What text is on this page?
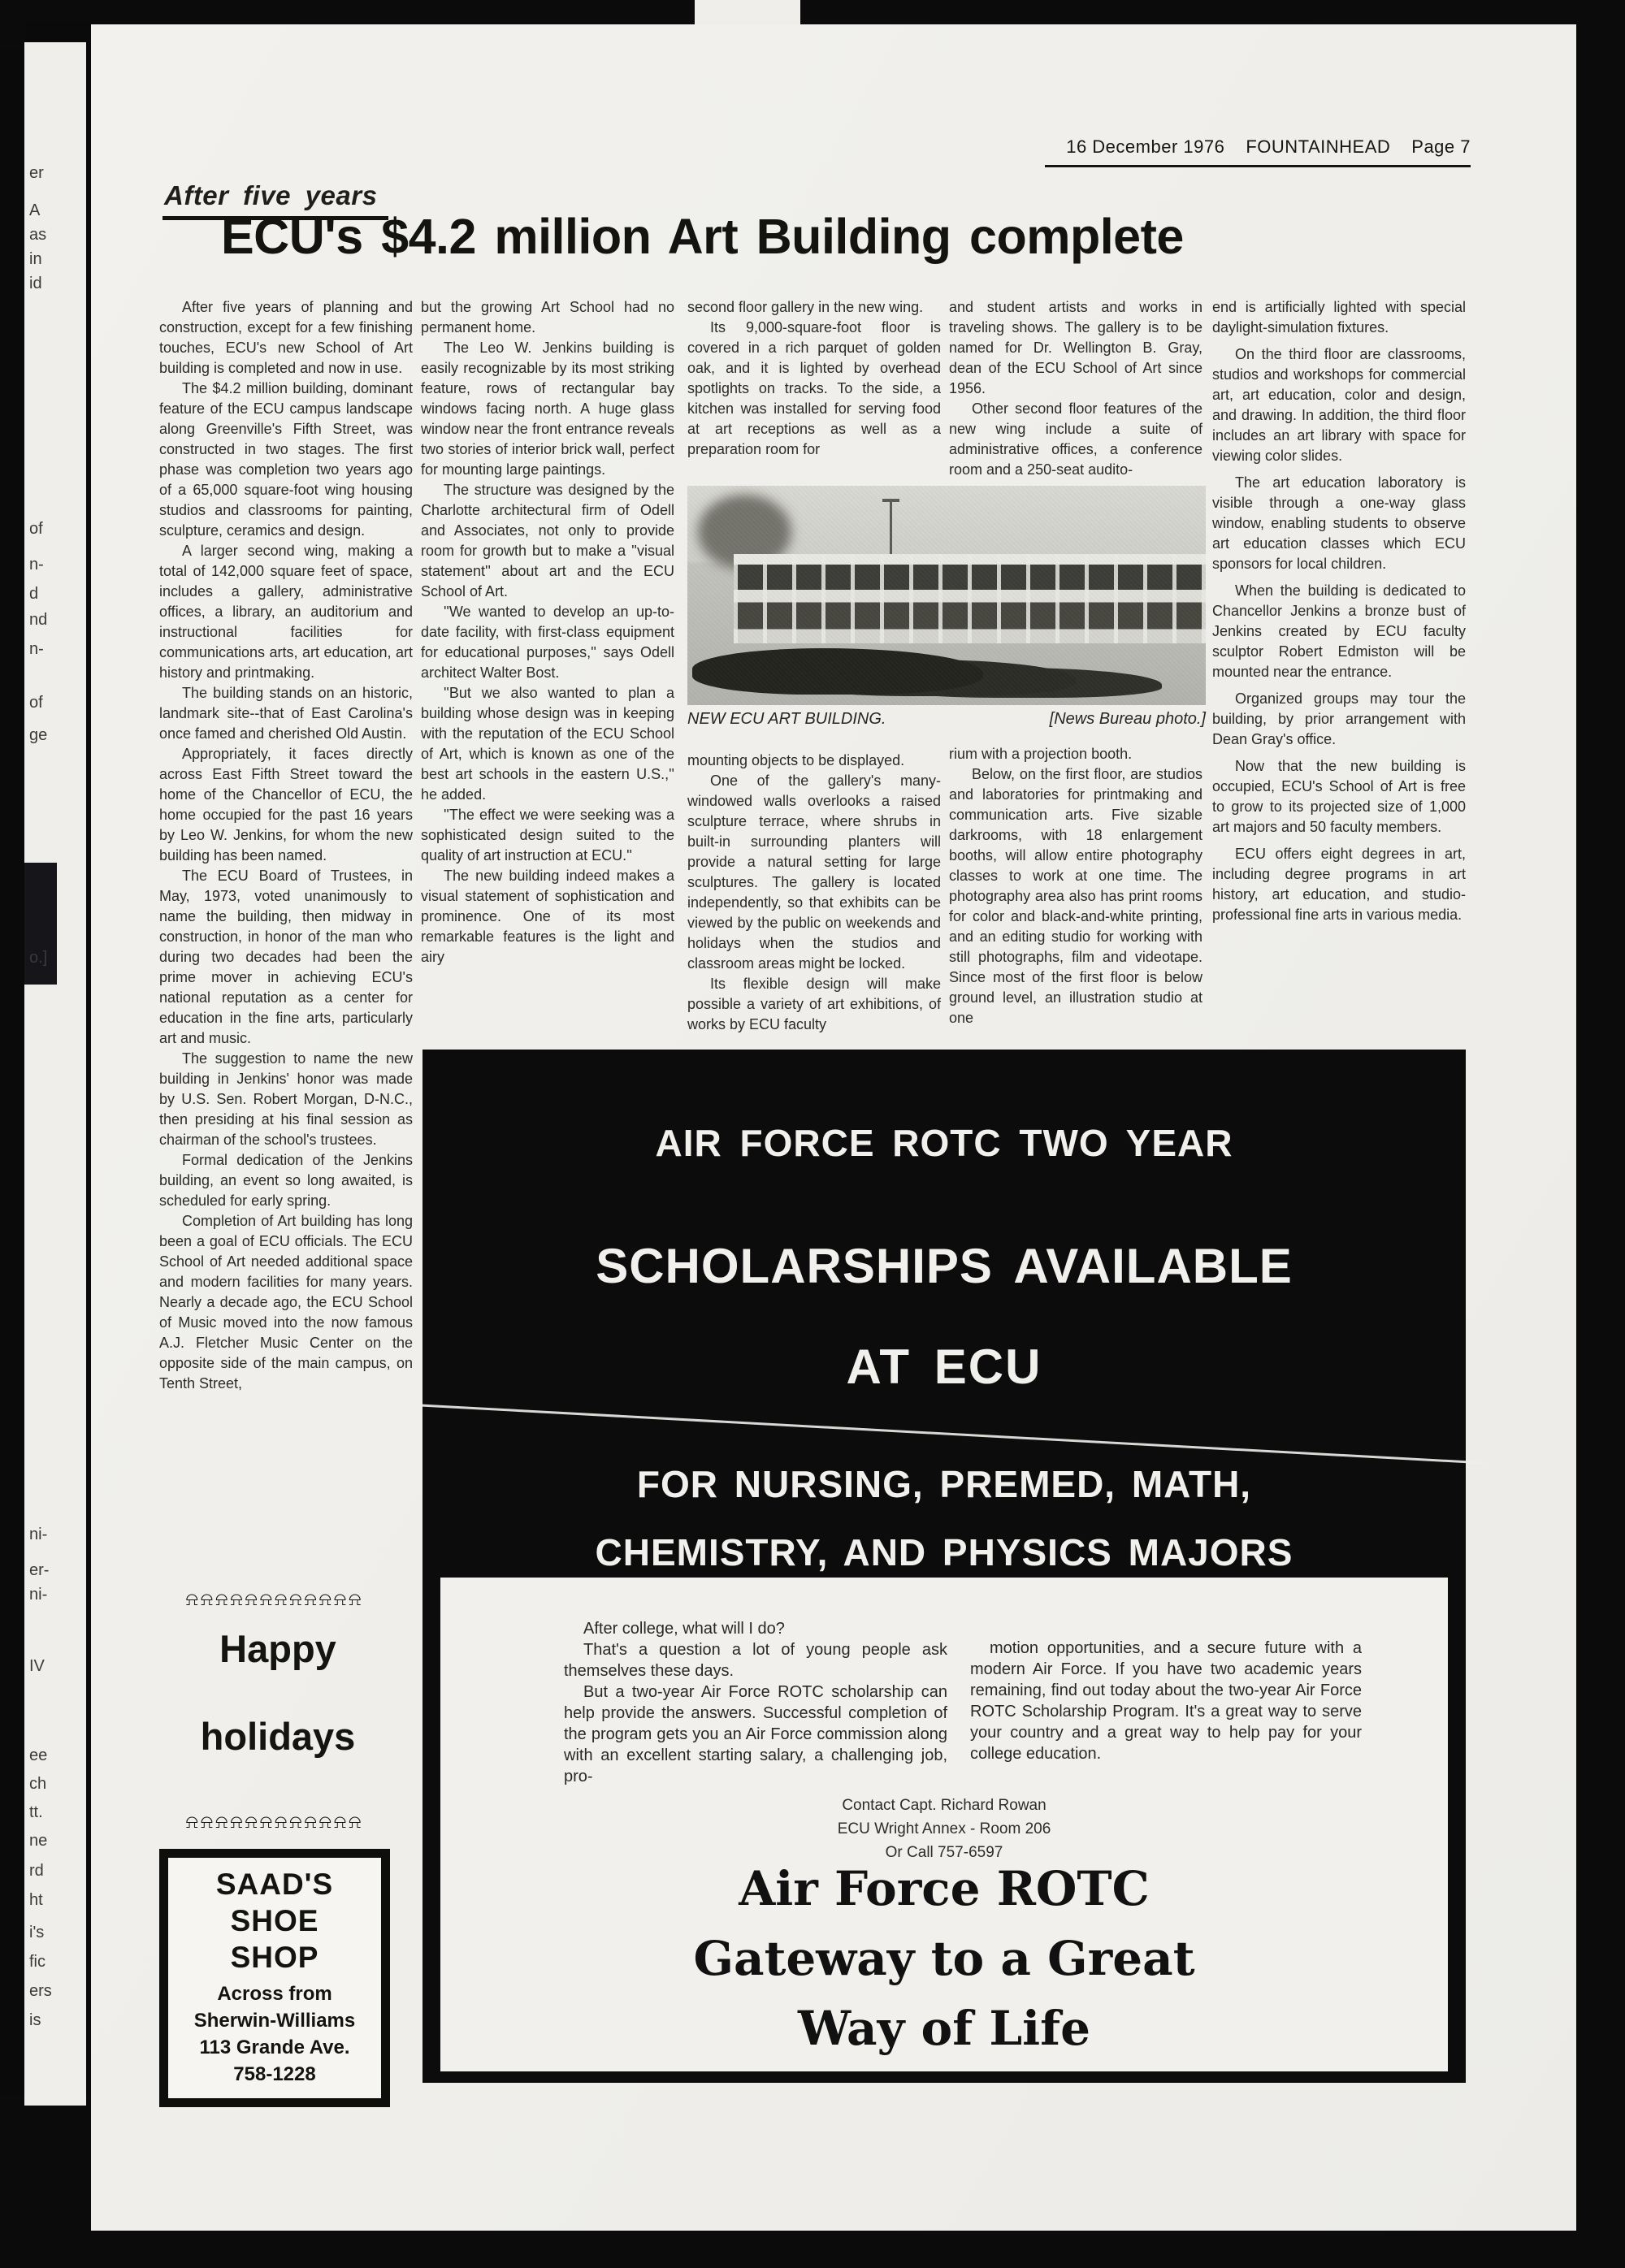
er
A
as
in
id
of
n-
d
nd
n-
of
ge
o.]
ni-
er-
ni-
IV
ee
ch
tt.
ne
rd
ht
i's
fic
ers
is
16 December 1976 FOUNTAINHEAD Page 7
After five years
ECU's $4.2 million Art Building complete

After five years of planning and construction, except for a few finishing touches, ECU's new School of Art building is completed and now in use.

The $4.2 million building, dominant feature of the ECU campus landscape along Greenville's Fifth Street, was constructed in two stages. The first phase was completion two years ago of a 65,000 square-foot wing housing studios and classrooms for painting, sculpture, ceramics and design.

A larger second wing, making a total of 142,000 square feet of space, includes a gallery, administrative offices, a library, an auditorium and instructional facilities for communications arts, art education, art history and printmaking.

The building stands on an historic, landmark site--that of East Carolina's once famed and cherished Old Austin.

Appropriately, it faces directly across East Fifth Street toward the home of the Chancellor of ECU, the home occupied for the past 16 years by Leo W. Jenkins, for whom the new building has been named.

The ECU Board of Trustees, in May, 1973, voted unanimously to name the building, then midway in construction, in honor of the man who during two decades had been the prime mover in achieving ECU's national reputation as a center for education in the fine arts, particularly art and music.

The suggestion to name the new building in Jenkins' honor was made by U.S. Sen. Robert Morgan, D-N.C., then presiding at his final session as chairman of the school's trustees.

Formal dedication of the Jenkins building, an event so long awaited, is scheduled for early spring.

Completion of Art building has long been a goal of ECU officials. The ECU School of Art needed additional space and modern facilities for many years. Nearly a decade ago, the ECU School of Music moved into the now famous A.J. Fletcher Music Center on the opposite side of the main campus, on Tenth Street,

but the growing Art School had no permanent home.

The Leo W. Jenkins building is easily recognizable by its most striking feature, rows of rectangular bay windows facing north. A huge glass window near the front entrance reveals two stories of interior brick wall, perfect for mounting large paintings.

The structure was designed by the Charlotte architectural firm of Odell and Associates, not only to provide room for growth but to make a ''visual statement'' about art and the ECU School of Art.

''We wanted to develop an up-to-date facility, with first-class equipment for educational purposes,'' says Odell architect Walter Bost.

''But we also wanted to plan a building whose design was in keeping with the reputation of the ECU School of Art, which is known as one of the best art schools in the eastern U.S.,'' he added.

''The effect we were seeking was a sophisticated design suited to the quality of art instruction at ECU.''

The new building indeed makes a visual statement of sophistication and prominence. One of its most remarkable features is the light and airy

second floor gallery in the new wing.

Its 9,000-square-foot floor is covered in a rich parquet of golden oak, and it is lighted by overhead spotlights on tracks. To the side, a kitchen was installed for serving food at art receptions as well as a preparation room for

and student artists and works in traveling shows. The gallery is to be named for Dr. Wellington B. Gray, dean of the ECU School of Art since 1956.

Other second floor features of the new wing include a suite of administrative offices, a conference room and a 250-seat audito-

end is artificially lighted with special daylight-simulation fixtures.

On the third floor are classrooms, studios and workshops for commercial art, art education, color and design, and drawing. In addition, the third floor includes an art library with space for viewing color slides.

The art education laboratory is visible through a one-way glass window, enabling students to observe art education classes which ECU sponsors for local children.

When the building is dedicated to Chancellor Jenkins a bronze bust of Jenkins created by ECU faculty sculptor Robert Edmiston will be mounted near the entrance.

Organized groups may tour the building, by prior arrangement with Dean Gray's office.

Now that the new building is occupied, ECU's School of Art is free to grow to its projected size of 1,000 art majors and 50 faculty members.

ECU offers eight degrees in art, including degree programs in art history, art education, and studio-professional fine arts in various media.

NEW ECU ART BUILDING.	[News Bureau photo.]

mounting objects to be displayed.

One of the gallery's many-windowed walls overlooks a raised sculpture terrace, where shrubs in built-in surrounding planters will provide a natural setting for large sculptures. The gallery is located independently, so that exhibits can be viewed by the public on weekends and holidays when the studios and classroom areas might be locked.

Its flexible design will make possible a variety of art exhibitions, of works by ECU faculty

rium with a projection booth.

Below, on the first floor, are studios and laboratories for printmaking and communication arts. Five sizable darkrooms, with 18 enlargement booths, will allow entire photography classes to work at one time. The photography area also has print rooms for color and black-and-white printing, and an editing studio for working with still photographs, film and videotape. Since most of the first floor is below ground level, an illustration studio at one

AIR FORCE ROTC TWO YEAR

SCHOLARSHIPS AVAILABLE

AT ECU

FOR NURSING, PREMED, MATH,

CHEMISTRY, AND PHYSICS MAJORS

After college, what will I do?

That's a question a lot of young people ask themselves these days.

But a two-year Air Force ROTC scholarship can help provide the answers. Successful completion of the program gets you an Air Force commission along with an excellent starting salary, a challenging job, pro-

motion opportunities, and a secure future with a modern Air Force. If you have two academic years remaining, find out today about the two-year Air Force ROTC Scholarship Program. It's a great way to serve your country and a great way to help pay for your college education.

Contact Capt. Richard Rowan
ECU Wright Annex - Room 206
Or Call 757-6597
Air Force ROTC
Gateway to a Great
Way of Life
⍾⍾⍾⍾⍾⍾⍾⍾⍾⍾⍾⍾

Happy

holidays

⍾⍾⍾⍾⍾⍾⍾⍾⍾⍾⍾⍾
SAAD'S
SHOE
SHOP
Across from
Sherwin-Williams
113 Grande Ave.
758-1228
